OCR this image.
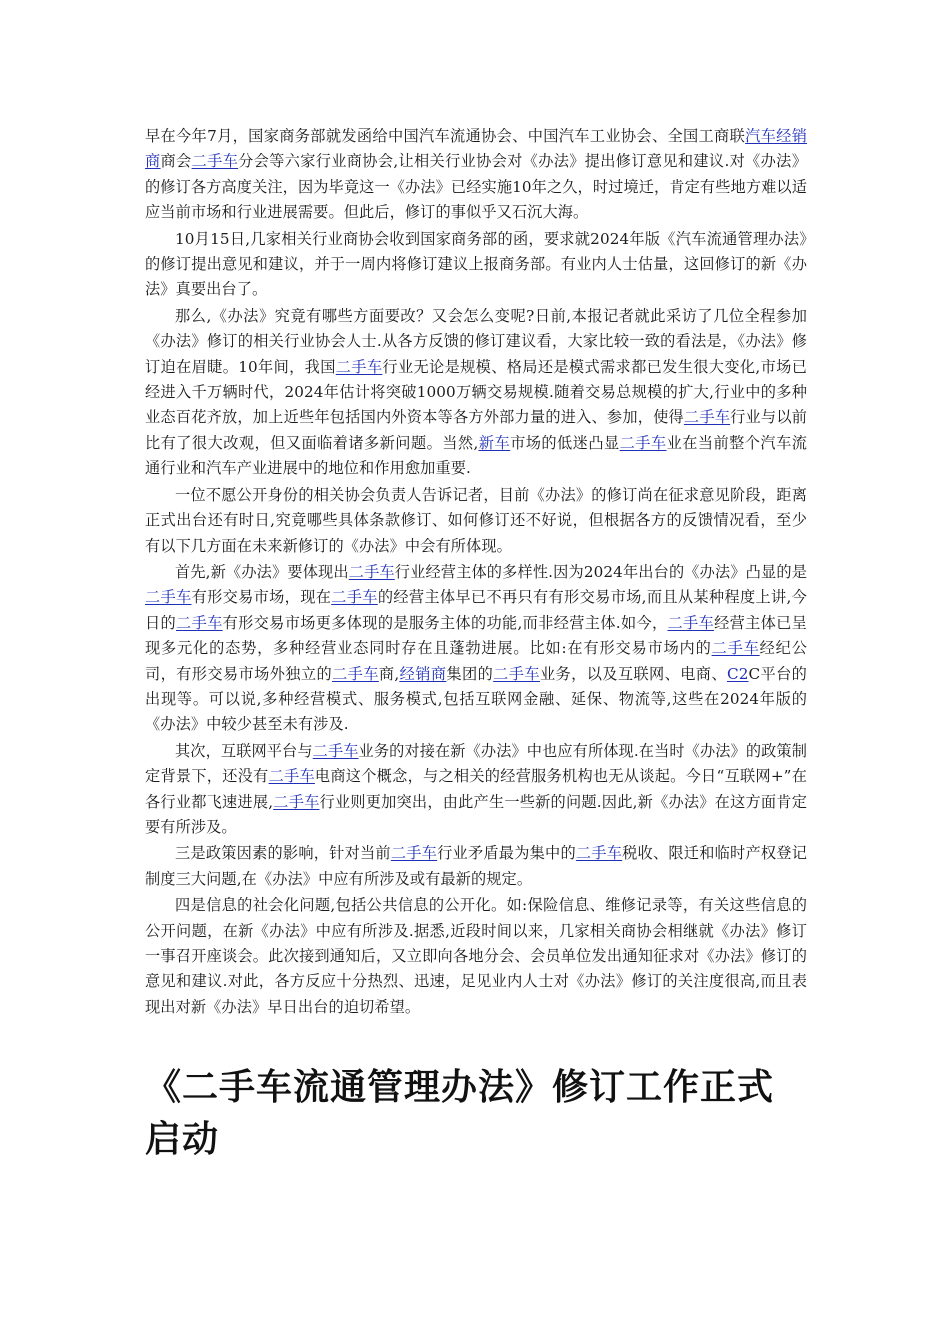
早在今年7月，国家商务部就发函给中国汽车流通协会、中国汽车工业协会、全国工商联汽车经销商商会二手车分会等六家行业商协会,让相关行业协会对《办法》提出修订意见和建议.对《办法》的修订各方高度关注，因为毕竟这一《办法》已经实施10年之久，时过境迁，肯定有些地方难以适应当前市场和行业进展需要。但此后，修订的事似乎又石沉大海。

10月15日,几家相关行业商协会收到国家商务部的函，要求就2024年版《汽车流通管理办法》的修订提出意见和建议，并于一周内将修订建议上报商务部。有业内人士估量，这回修订的新《办法》真要出台了。

那么,《办法》究竟有哪些方面要改？又会怎么变呢?日前,本报记者就此采访了几位全程参加《办法》修订的相关行业协会人士.从各方反馈的修订建议看，大家比较一致的看法是，《办法》修订迫在眉睫。10年间，我国二手车行业无论是规模、格局还是模式需求都已发生很大变化,市场已经进入千万辆时代，2024年估计将突破1000万辆交易规模.随着交易总规模的扩大,行业中的多种业态百花齐放，加上近些年包括国内外资本等各方外部力量的进入、参加，使得二手车行业与以前比有了很大改观，但又面临着诸多新问题。当然,新车市场的低迷凸显二手车业在当前整个汽车流通行业和汽车产业进展中的地位和作用愈加重要.

一位不愿公开身份的相关协会负责人告诉记者，目前《办法》的修订尚在征求意见阶段，距离正式出台还有时日,究竟哪些具体条款修订、如何修订还不好说，但根据各方的反馈情况看，至少有以下几方面在未来新修订的《办法》中会有所体现。

首先,新《办法》要体现出二手车行业经营主体的多样性.因为2024年出台的《办法》凸显的是二手车有形交易市场，现在二手车的经营主体早已不再只有有形交易市场,而且从某种程度上讲,今日的二手车有形交易市场更多体现的是服务主体的功能,而非经营主体.如今，二手车经营主体已呈现多元化的态势，多种经营业态同时存在且蓬勃进展。比如:在有形交易市场内的二手车经纪公司，有形交易市场外独立的二手车商,经销商集团的二手车业务，以及互联网、电商、C2C平台的出现等。可以说,多种经营模式、服务模式,包括互联网金融、延保、物流等,这些在2024年版的《办法》中较少甚至未有涉及.

其次，互联网平台与二手车业务的对接在新《办法》中也应有所体现.在当时《办法》的政策制定背景下，还没有二手车电商这个概念，与之相关的经营服务机构也无从谈起。今日“互联网+”在各行业都飞速进展,二手车行业则更加突出，由此产生一些新的问题.因此,新《办法》在这方面肯定要有所涉及。

三是政策因素的影响，针对当前二手车行业矛盾最为集中的二手车税收、限迁和临时产权登记制度三大问题,在《办法》中应有所涉及或有最新的规定。

四是信息的社会化问题,包括公共信息的公开化。如:保险信息、维修记录等，有关这些信息的公开问题，在新《办法》中应有所涉及.据悉,近段时间以来，几家相关商协会相继就《办法》修订一事召开座谈会。此次接到通知后，又立即向各地分会、会员单位发出通知征求对《办法》修订的意见和建议.对此，各方反应十分热烈、迅速，足见业内人士对《办法》修订的关注度很高,而且表现出对新《办法》早日出台的迫切希望。

《二手车流通管理办法》修订工作正式启动
